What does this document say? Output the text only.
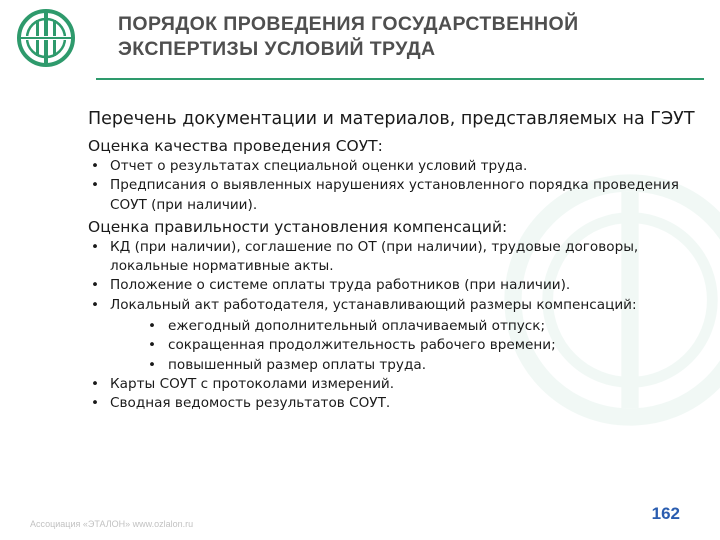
ПОРЯДОК ПРОВЕДЕНИЯ ГОСУДАРСТВЕННОЙ
ЭКСПЕРТИЗЫ УСЛОВИЙ ТРУДА

Перечень документации и материалов, представляемых на ГЭУТ

Оценка качества проведения СОУТ:

• Отчет о результатах специальной оценки условий труда.
• Предписания о выявленных нарушениях установленного порядка проведения СОУТ (при наличии).

Оценка правильности установления компенсаций:

• КД (при наличии), соглашение по ОТ (при наличии), трудовые договоры, локальные нормативные акты.
• Положение о системе оплаты труда работников (при наличии).
• Локальный акт работодателя, устанавливающий размеры компенсаций:
• ежегодный дополнительный оплачиваемый отпуск;
• сокращенная продолжительность рабочего времени;
• повышенный размер оплаты труда.
• Карты СОУТ с протоколами измерений.
• Сводная ведомость результатов СОУТ.
Ассоциация «ЭТАЛОН» www.ozlalon.ru
162
